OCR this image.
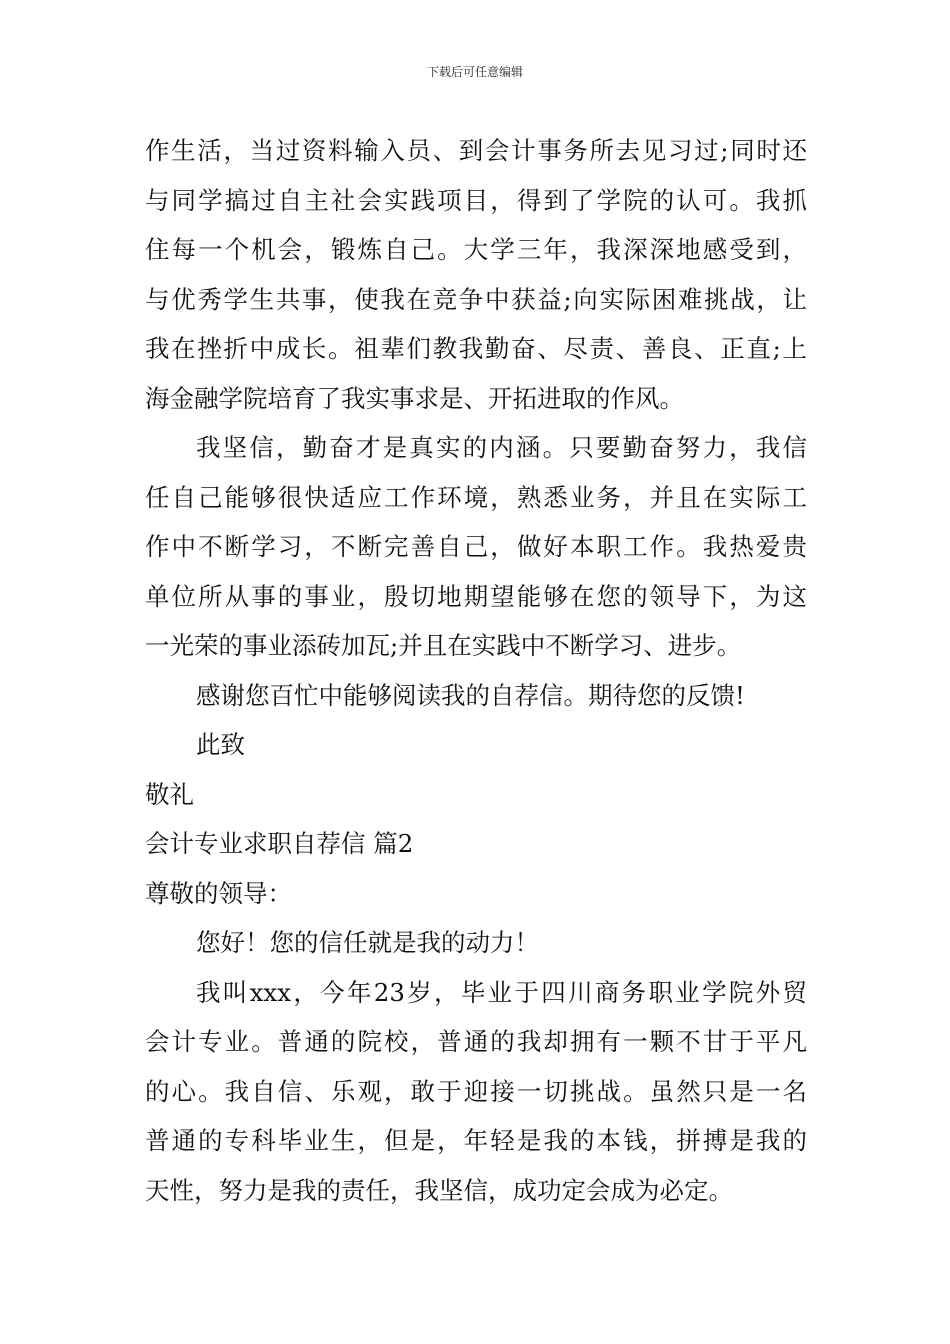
下载后可任意编辑
作生活，当过资料输入员、到会计事务所去见习过;同时还
与同学搞过自主社会实践项目，得到了学院的认可。我抓
住每一个机会，锻炼自己。大学三年，我深深地感受到，
与优秀学生共事，使我在竞争中获益;向实际困难挑战，让
我在挫折中成长。祖辈们教我勤奋、尽责、善良、正直;上
海金融学院培育了我实事求是、开拓进取的作风。
我坚信，勤奋才是真实的内涵。只要勤奋努力，我信
任自己能够很快适应工作环境，熟悉业务，并且在实际工
作中不断学习，不断完善自己，做好本职工作。我热爱贵
单位所从事的事业，殷切地期望能够在您的领导下，为这
一光荣的事业添砖加瓦;并且在实践中不断学习、进步。
感谢您百忙中能够阅读我的自荐信。期待您的反馈!
此致
敬礼
会计专业求职自荐信 篇2
尊敬的领导：
您好！您的信任就是我的动力！
我叫xxx，今年23岁，毕业于四川商务职业学院外贸
会计专业。普通的院校，普通的我却拥有一颗不甘于平凡
的心。我自信、乐观，敢于迎接一切挑战。虽然只是一名
普通的专科毕业生，但是，年轻是我的本钱，拼搏是我的
天性，努力是我的责任，我坚信，成功定会成为必定。
